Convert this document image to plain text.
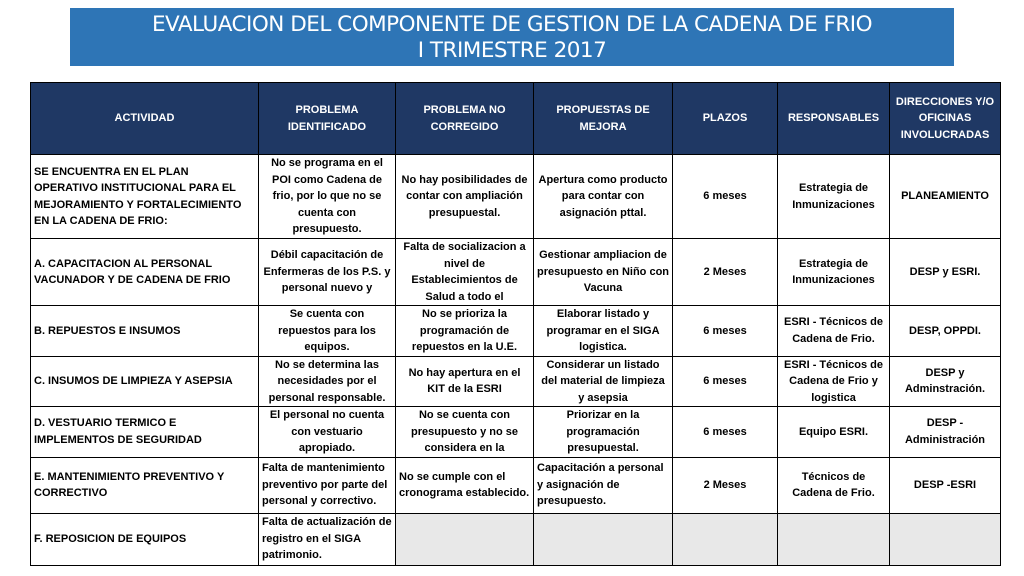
EVALUACION DEL COMPONENTE DE GESTION DE LA CADENA DE FRIO
I TRIMESTRE 2017
ACTIVIDAD	PROBLEMA IDENTIFICADO	PROBLEMA NO CORREGIDO	PROPUESTAS DE MEJORA	PLAZOS	RESPONSABLES	DIRECCIONES Y/O OFICINAS INVOLUCRADAS
SE ENCUENTRA EN EL PLAN OPERATIVO INSTITUCIONAL PARA EL MEJORAMIENTO Y FORTALECIMIENTO EN LA CADENA DE FRIO:	No se programa en el POI como Cadena de frio, por lo que no se cuenta con presupuesto.	No hay posibilidades de contar con ampliación presupuestal.	Apertura como producto para contar con asignación pttal.	6 meses	Estrategia de Inmunizaciones	PLANEAMIENTO
A. CAPACITACION AL PERSONAL VACUNADOR Y DE CADENA DE FRIO	Débil capacitación de Enfermeras de los P.S. y personal nuevo y	Falta de socializacion a nivel de Establecimientos de Salud a todo el	Gestionar ampliacion de presupuesto en Niño con Vacuna	2 Meses	Estrategia de Inmunizaciones	DESP y ESRI.
B. REPUESTOS E INSUMOS	Se cuenta con repuestos para los equipos.	No se prioriza la programación de repuestos en la U.E.	Elaborar listado y programar en el SIGA logistica.	6 meses	ESRI - Técnicos de Cadena de Frio.	DESP, OPPDI.
C. INSUMOS DE LIMPIEZA Y ASEPSIA	No se determina las necesidades por el personal responsable.	No hay apertura en el KIT de la ESRI	Considerar un listado del material de limpieza y asepsia	6 meses	ESRI - Técnicos de Cadena de Frio y logistica	DESP y Adminstración.
D. VESTUARIO TERMICO E IMPLEMENTOS DE SEGURIDAD	El personal no cuenta con vestuario apropiado.	No se cuenta con presupuesto y no se considera en la	Priorizar en la programación presupuestal.	6 meses	Equipo ESRI.	DESP - Administración
E. MANTENIMIENTO PREVENTIVO Y CORRECTIVO	Falta de mantenimiento preventivo por parte del personal y correctivo.	No se cumple con el cronograma establecido.	Capacitación a personal y asignación de presupuesto.	2 Meses	Técnicos de Cadena de Frio.	DESP -ESRI
F. REPOSICION DE EQUIPOS	Falta de actualización de registro en el SIGA patrimonio.					
